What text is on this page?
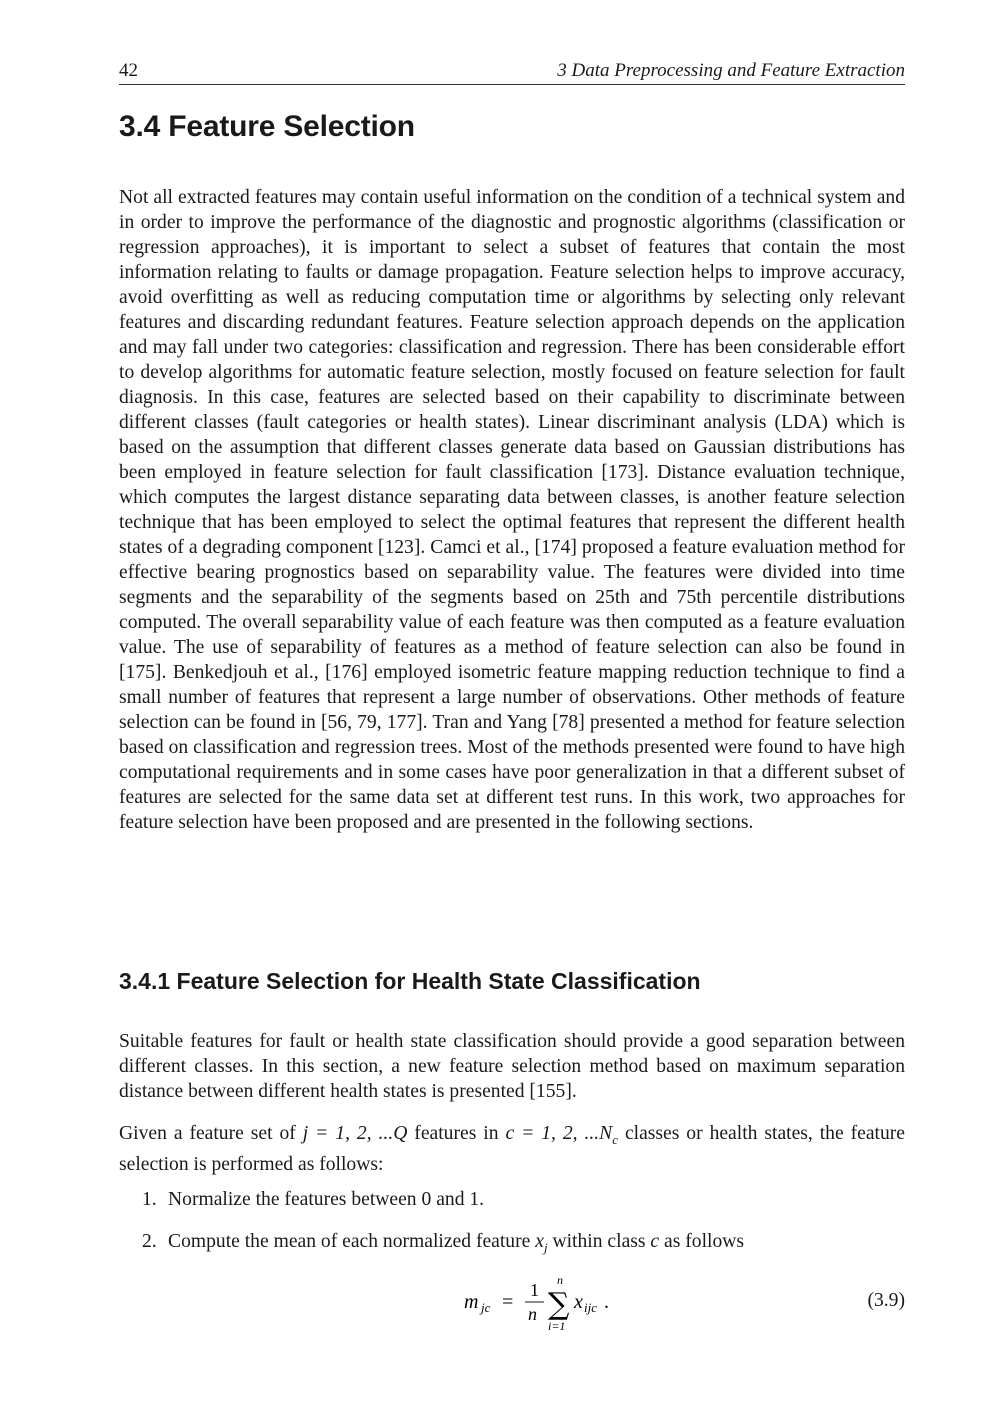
42	3 Data Preprocessing and Feature Extraction
3.4 Feature Selection

Not all extracted features may contain useful information on the condition of a technical system and in order to improve the performance of the diagnostic and prognostic algorithms (classification or regression approaches), it is important to select a subset of features that contain the most information relating to faults or damage propagation. Feature selection helps to improve accuracy, avoid overfitting as well as reducing computation time or algorithms by selecting only relevant features and discarding redundant features. Feature selection approach depends on the application and may fall under two categories: classification and regression. There has been considerable effort to develop algorithms for automatic feature selection, mostly focused on feature selection for fault diagnosis. In this case, features are selected based on their capability to discriminate between different classes (fault categories or health states). Linear discriminant analysis (LDA) which is based on the assumption that different classes generate data based on Gaussian distributions has been employed in feature selection for fault classification [173]. Distance evaluation technique, which computes the largest distance separating data between classes, is another feature selection technique that has been employed to select the optimal features that represent the different health states of a degrading component [123]. Camci et al., [174] proposed a feature evaluation method for effective bearing prognostics based on separability value. The features were divided into time segments and the separability of the segments based on 25th and 75th percentile distributions computed. The overall separability value of each feature was then computed as a feature evaluation value. The use of separability of features as a method of feature selection can also be found in [175]. Benkedjouh et al., [176] employed isometric feature mapping reduction technique to find a small number of features that represent a large number of observations. Other methods of feature selection can be found in [56, 79, 177]. Tran and Yang [78] presented a method for feature selection based on classification and regression trees. Most of the methods presented were found to have high computational requirements and in some cases have poor generalization in that a different subset of features are selected for the same data set at different test runs. In this work, two approaches for feature selection have been proposed and are presented in the following sections.

3.4.1 Feature Selection for Health State Classification

Suitable features for fault or health state classification should provide a good separation between different classes. In this section, a new feature selection method based on maximum separation distance between different health states is presented [155].

Given a feature set of j = 1, 2, ...Q features in c = 1, 2, $...N_c$ classes or health states, the feature selection is performed as follows:

1. Normalize the features between 0 and 1.
2. Compute the mean of each normalized feature $x_j$ within class c as follows
m jc =
1
n
n
∑
i=1
x ijc .	(3.9)
